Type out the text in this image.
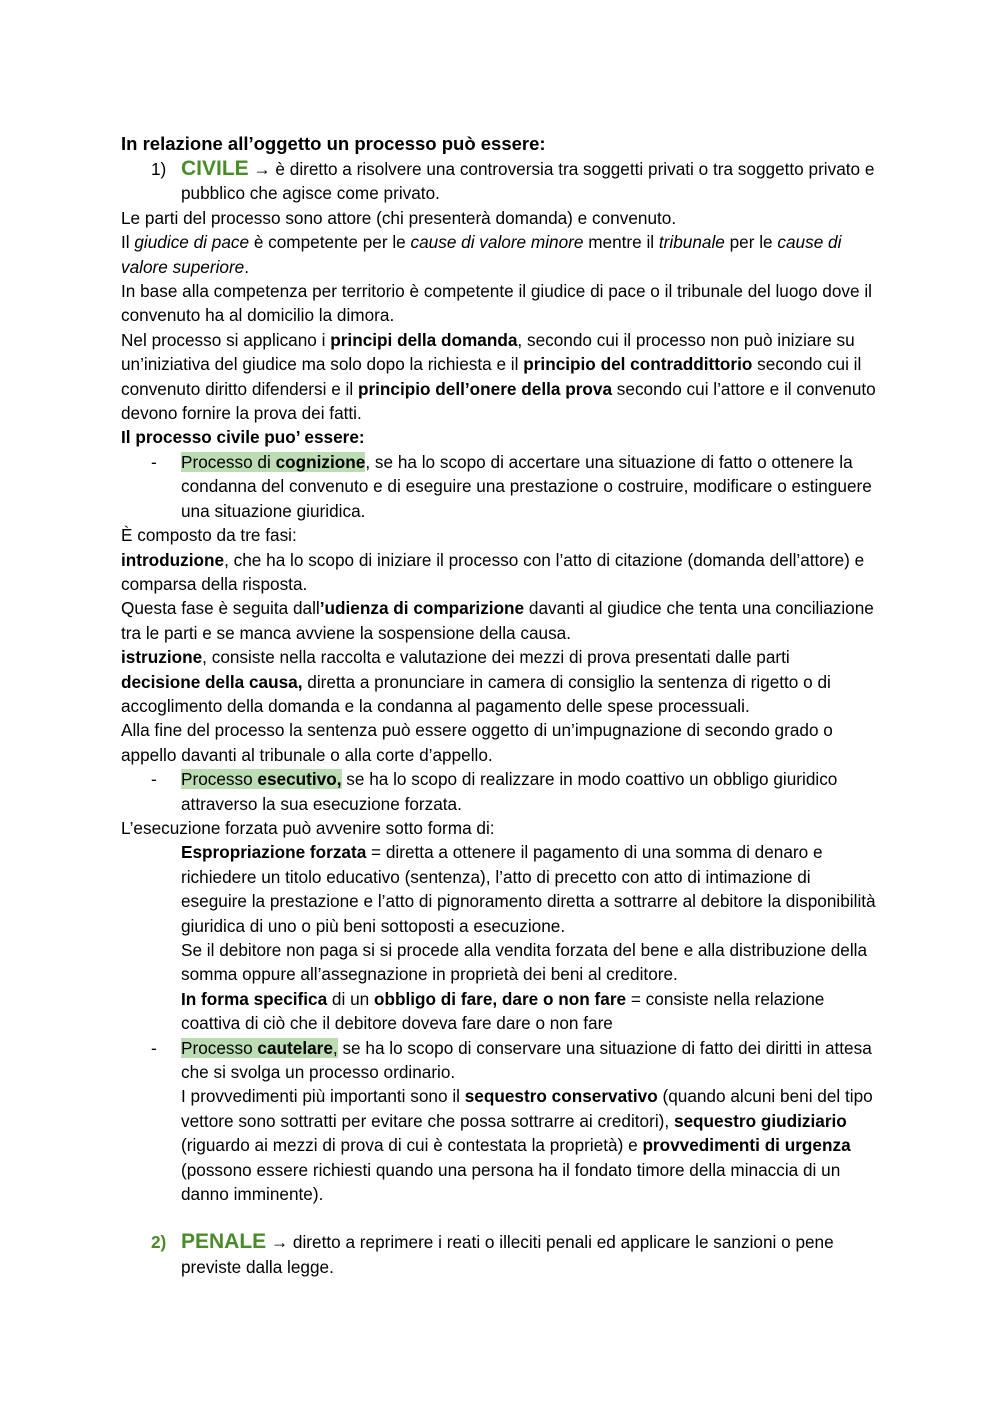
In relazione all’oggetto un processo può essere:

1) CIVILE → è diretto a risolvere una controversia tra soggetti privati o tra soggetto privato e pubblico che agisce come privato.

Le parti del processo sono attore (chi presenterà domanda) e convenuto.

Il giudice di pace è competente per le cause di valore minore mentre il tribunale per le cause di valore superiore.

In base alla competenza per territorio è competente il giudice di pace o il tribunale del luogo dove il convenuto ha al domicilio la dimora.

Nel processo si applicano i principi della domanda, secondo cui il processo non può iniziare su un’iniziativa del giudice ma solo dopo la richiesta e il principio del contraddittorio secondo cui il convenuto diritto difendersi e il principio dell’onere della prova secondo cui l’attore e il convenuto devono fornire la prova dei fatti.

Il processo civile puo’ essere:

- Processo di cognizione, se ha lo scopo di accertare una situazione di fatto o ottenere la condanna del convenuto e di eseguire una prestazione o costruire, modificare o estinguere una situazione giuridica.

È composto da tre fasi:

introduzione, che ha lo scopo di iniziare il processo con l’atto di citazione (domanda dell’attore) e comparsa della risposta.

Questa fase è seguita dall’udienza di comparizione davanti al giudice che tenta una conciliazione tra le parti e se manca avviene la sospensione della causa.

istruzione, consiste nella raccolta e valutazione dei mezzi di prova presentati dalle parti

decisione della causa, diretta a pronunciare in camera di consiglio la sentenza di rigetto o di accoglimento della domanda e la condanna al pagamento delle spese processuali.

Alla fine del processo la sentenza può essere oggetto di un’impugnazione di secondo grado o appello davanti al tribunale o alla corte d’appello.

- Processo esecutivo, se ha lo scopo di realizzare in modo coattivo un obbligo giuridico attraverso la sua esecuzione forzata.

L’esecuzione forzata può avvenire sotto forma di:

Espropriazione forzata = diretta a ottenere il pagamento di una somma di denaro e richiedere un titolo educativo (sentenza), l’atto di precetto con atto di intimazione di eseguire la prestazione e l’atto di pignoramento diretta a sottrarre al debitore la disponibilità giuridica di uno o più beni sottoposti a esecuzione.

Se il debitore non paga si si procede alla vendita forzata del bene e alla distribuzione della somma oppure all’assegnazione in proprietà dei beni al creditore.

In forma specifica di un obbligo di fare, dare o non fare = consiste nella relazione coattiva di ciò che il debitore doveva fare dare o non fare

- Processo cautelare, se ha lo scopo di conservare una situazione di fatto dei diritti in attesa che si svolga un processo ordinario.

I provvedimenti più importanti sono il sequestro conservativo (quando alcuni beni del tipo vettore sono sottratti per evitare che possa sottrarre ai creditori), sequestro giudiziario (riguardo ai mezzi di prova di cui è contestata la proprietà) e provvedimenti di urgenza (possono essere richiesti quando una persona ha il fondato timore della minaccia di un danno imminente).

2) PENALE → diretto a reprimere i reati o illeciti penali ed applicare le sanzioni o pene previste dalla legge.
